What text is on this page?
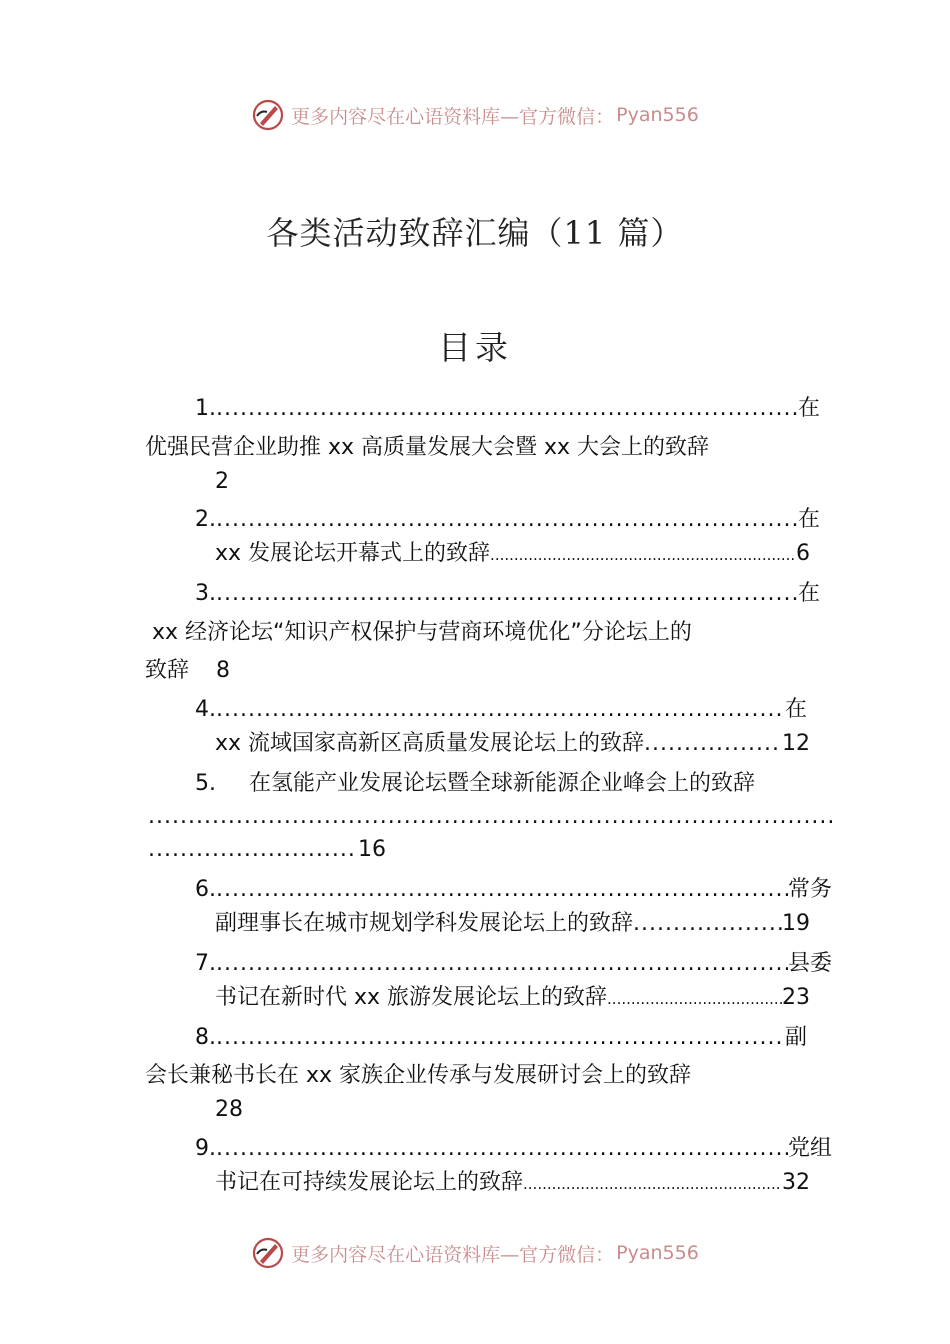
更多内容尽在心语资料库—官方微信： Pyan556
各类活动致辞汇编（11 篇）
目录
1. .....	在
优强民营企业助推 xx 高质量发展大会暨 xx 大会上的致辞
2
2. .....	在
xx 发展论坛开幕式上的致辞 .....	6
3. .....	在
xx 经济论坛“知识产权保护与营商环境优化”分论坛上的
致辞 8
4. .....	在
xx 流域国家高新区高质量发展论坛上的致辞 .....	12
5. 在氢能产业发展论坛暨全球新能源企业峰会上的致辞
.....
.....
16
6. .....	常务
副理事长在城市规划学科发展论坛上的致辞 .....	19
7. .....	县委
书记在新时代 xx 旅游发展论坛上的致辞 .....	23
8. .....	副
会长兼秘书长在 xx 家族企业传承与发展研讨会上的致辞
28
9. .....	党组
书记在可持续发展论坛上的致辞 .....	32
更多内容尽在心语资料库—官方微信： Pyan556
